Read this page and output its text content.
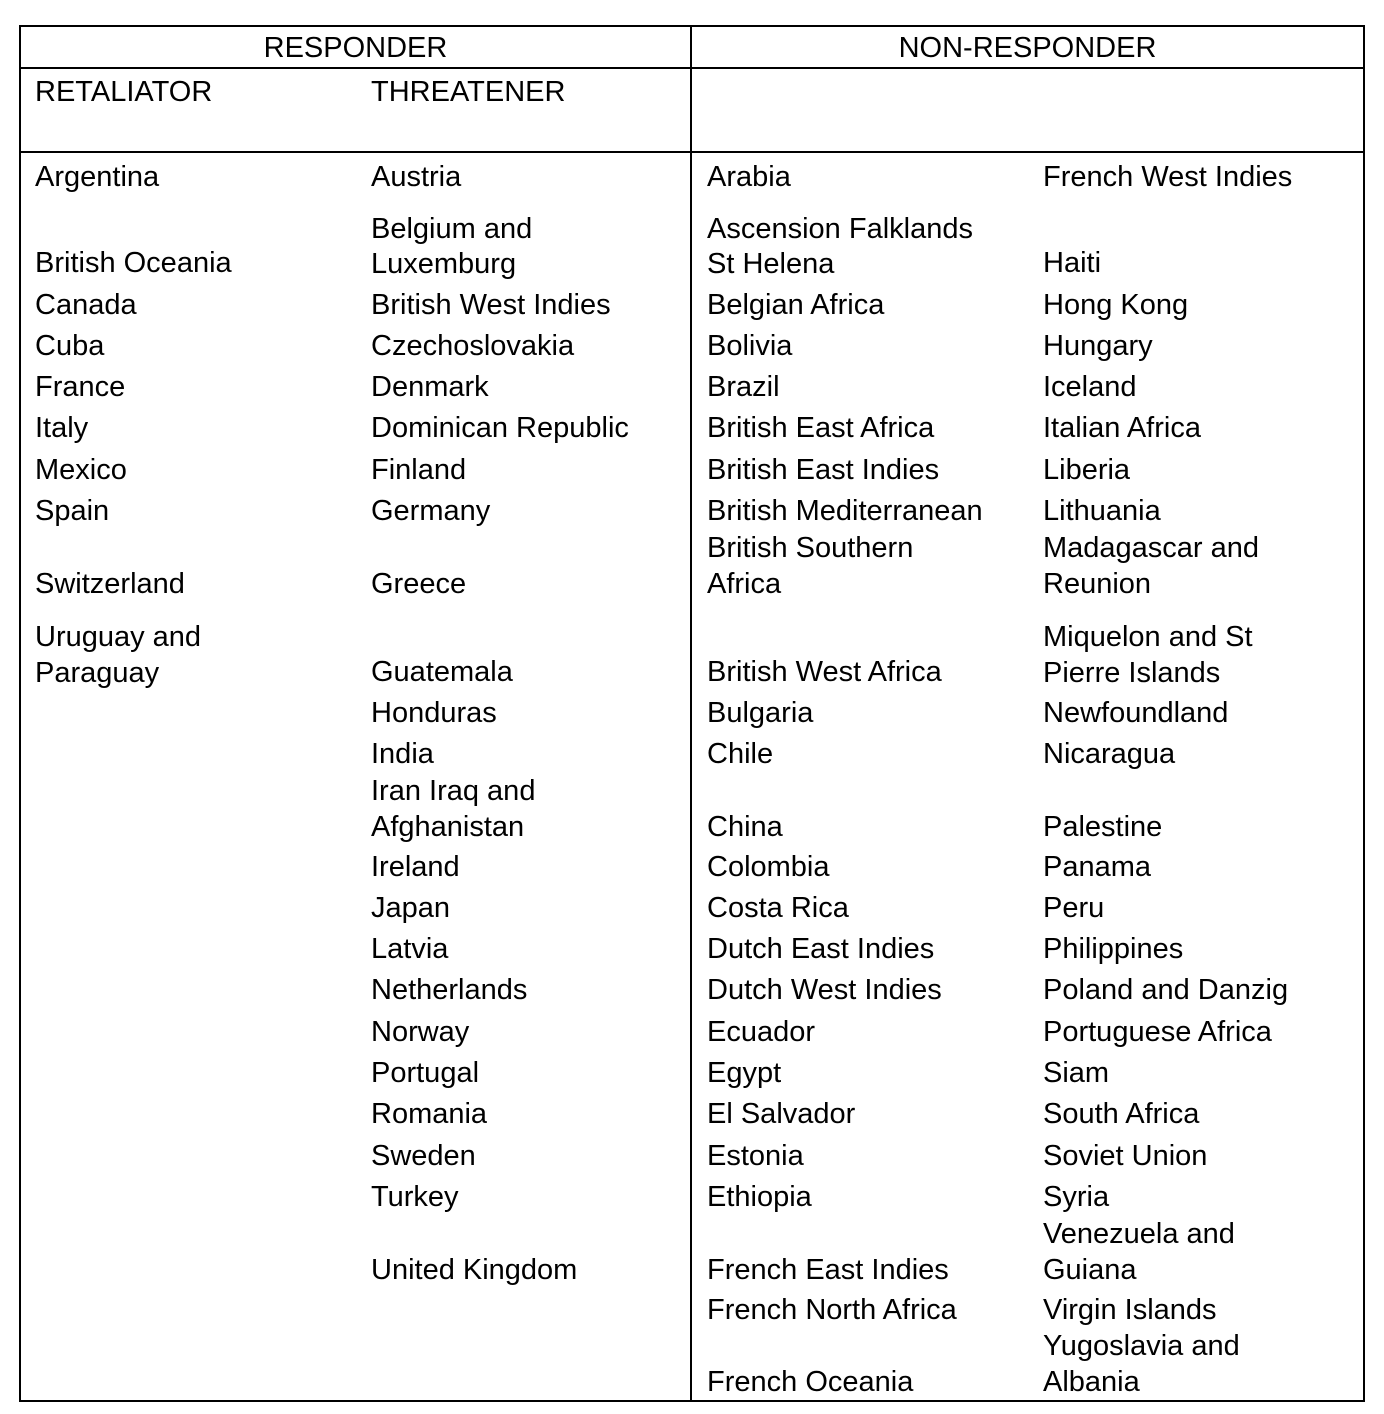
RESPONDER	NON-RESPONDER
RETALIATOR	THREATENER
Argentina
British Oceania
Canada
Cuba
France
Italy
Mexico
Spain
Switzerland
Uruguay and
Paraguay
Austria
Belgium and
Luxemburg
British West Indies
Czechoslovakia
Denmark
Dominican Republic
Finland
Germany
Greece
Guatemala
Honduras
India
Iran Iraq and
Afghanistan
Ireland
Japan
Latvia
Netherlands
Norway
Portugal
Romania
Sweden
Turkey
United Kingdom
Arabia
Ascension Falklands
St Helena
Belgian Africa
Bolivia
Brazil
British East Africa
British East Indies
British Mediterranean
British Southern
Africa
British West Africa
Bulgaria
Chile
China
Colombia
Costa Rica
Dutch East Indies
Dutch West Indies
Ecuador
Egypt
El Salvador
Estonia
Ethiopia
French East Indies
French North Africa
French Oceania
French West Indies
Haiti
Hong Kong
Hungary
Iceland
Italian Africa
Liberia
Lithuania
Madagascar and
Reunion
Miquelon and St
Pierre Islands
Newfoundland
Nicaragua
Palestine
Panama
Peru
Philippines
Poland and Danzig
Portuguese Africa
Siam
South Africa
Soviet Union
Syria
Venezuela and
Guiana
Virgin Islands
Yugoslavia and
Albania
